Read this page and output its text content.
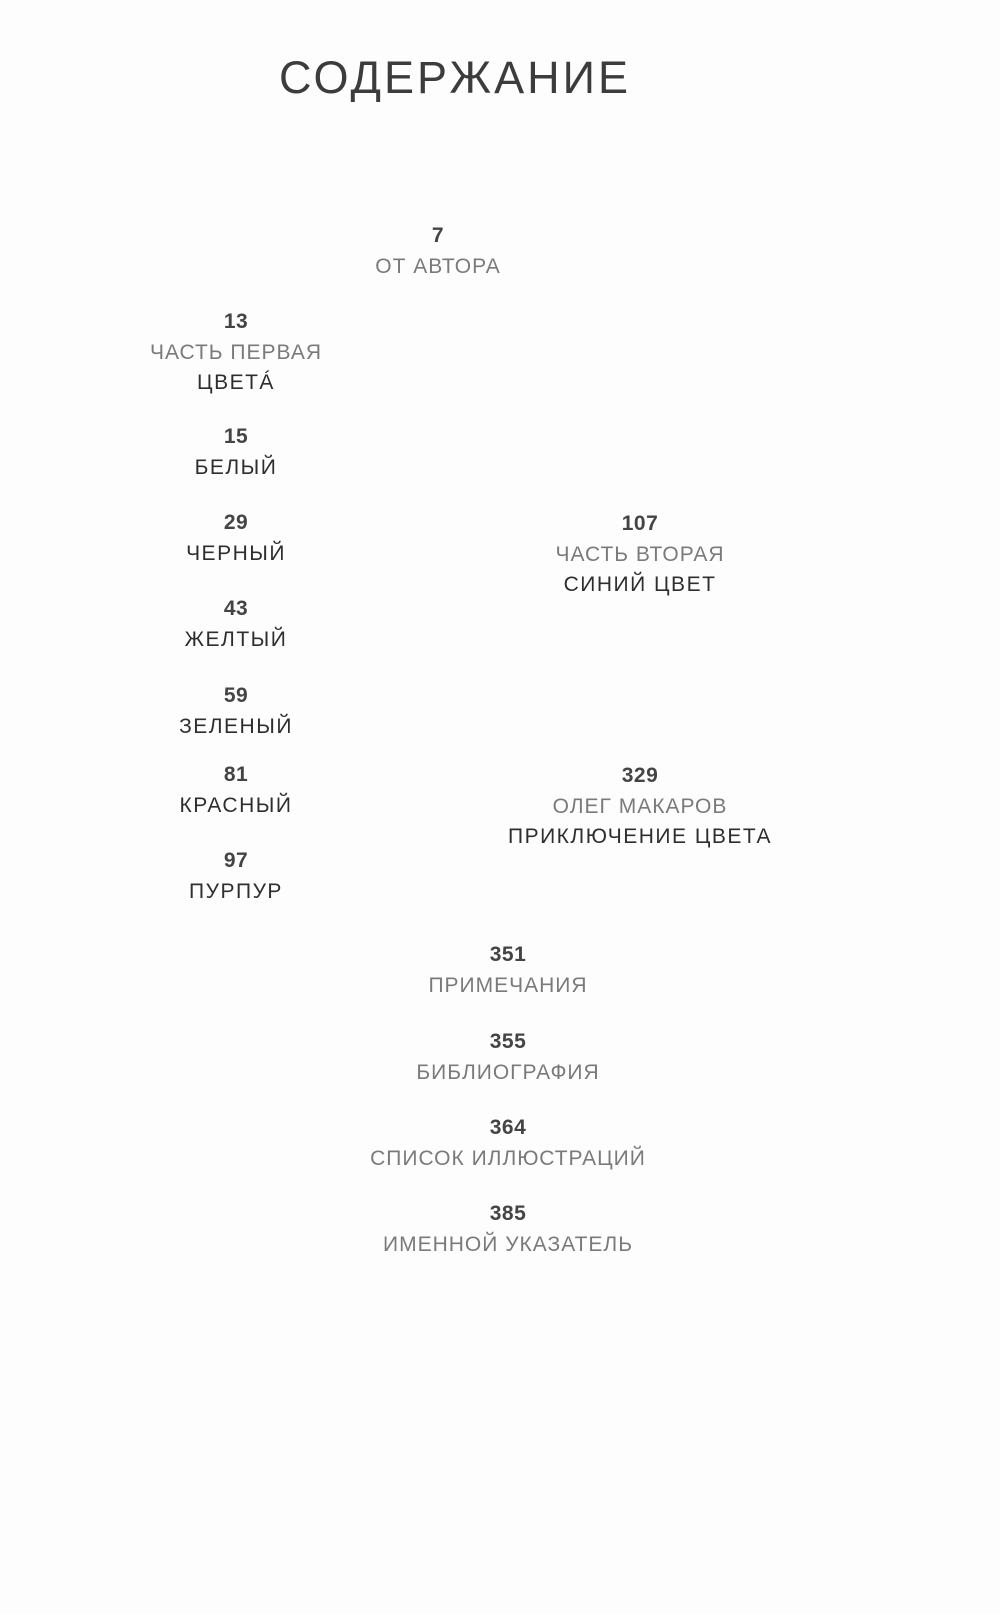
СОДЕРЖАНИЕ
7
ОТ АВТОРА
13
ЧАСТЬ ПЕРВАЯ
ЦВЕТÁ
15
БЕЛЫЙ
29
ЧЕРНЫЙ
43
ЖЕЛТЫЙ
59
ЗЕЛЕНЫЙ
81
КРАСНЫЙ
97
ПУРПУР
107
ЧАСТЬ ВТОРАЯ
СИНИЙ ЦВЕТ
329
ОЛЕГ МАКАРОВ
ПРИКЛЮЧЕНИЕ ЦВЕТА
351
ПРИМЕЧАНИЯ
355
БИБЛИОГРАФИЯ
364
СПИСОК ИЛЛЮСТРАЦИЙ
385
ИМЕННОЙ УКАЗАТЕЛЬ
